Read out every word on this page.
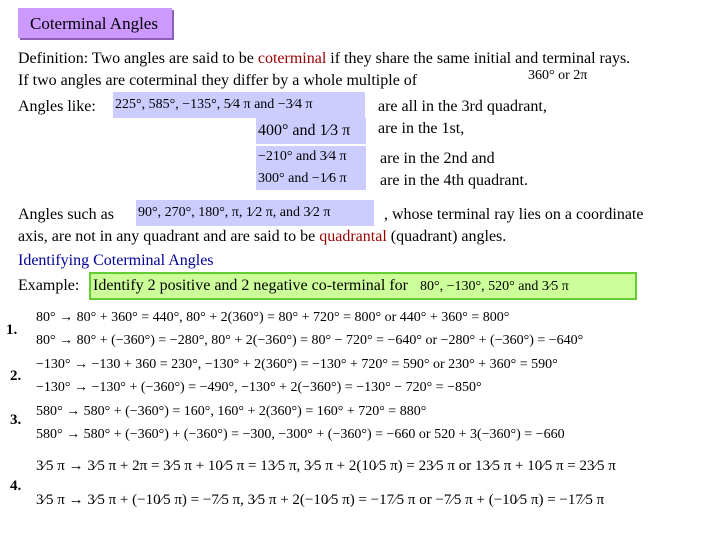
Coterminal Angles
Definition: Two angles are said to be coterminal if they share the same initial and terminal rays.
If two angles are coterminal they differ by a whole multiple of	360° or 2π
Angles like: 225°, 585°, −135°, 5⁄4 π and −3⁄4 π	are all in the 3rd quadrant,
400° and 1⁄3 π	are in the 1st,
−210° and 3⁄4 π	are in the 2nd and
300° and −1⁄6 π	are in the 4th quadrant.
Angles such as 90°, 270°, 180°, π, 1⁄2 π, and 3⁄2 π	, whose terminal ray lies on a coordinate
axis, are not in any quadrant and are said to be quadrantal (quadrant) angles.
Identifying Coterminal Angles
Example: Identify 2 positive and 2 negative co-terminal for 80°, −130°, 520° and 3⁄5 π
1.
80° → 80° + 360° = 440°, 80° + 2(360°) = 80° + 720° = 800° or 440° + 360° = 800°
80° → 80° + (−360°) = −280°, 80° + 2(−360°) = 80° − 720° = −640° or −280° + (−360°) = −640°
2.
−130° → −130 + 360 = 230°, −130° + 2(360°) = −130° + 720° = 590° or 230° + 360° = 590°
−130° → −130° + (−360°) = −490°, −130° + 2(−360°) = −130° − 720° = −850°
3.
580° → 580° + (−360°) = 160°, 160° + 2(360°) = 160° + 720° = 880°
580° → 580° + (−360°) + (−360°) = −300, −300° + (−360°) = −660 or 520 + 3(−360°) = −660
4.
3⁄5 π → 3⁄5 π + 2π = 3⁄5 π + 10⁄5 π = 13⁄5 π, 3⁄5 π + 2(10⁄5 π) = 23⁄5 π or 13⁄5 π + 10⁄5 π = 23⁄5 π
3⁄5 π → 3⁄5 π + (−10⁄5 π) = −7⁄5 π, 3⁄5 π + 2(−10⁄5 π) = −17⁄5 π or −7⁄5 π + (−10⁄5 π) = −17⁄5 π
